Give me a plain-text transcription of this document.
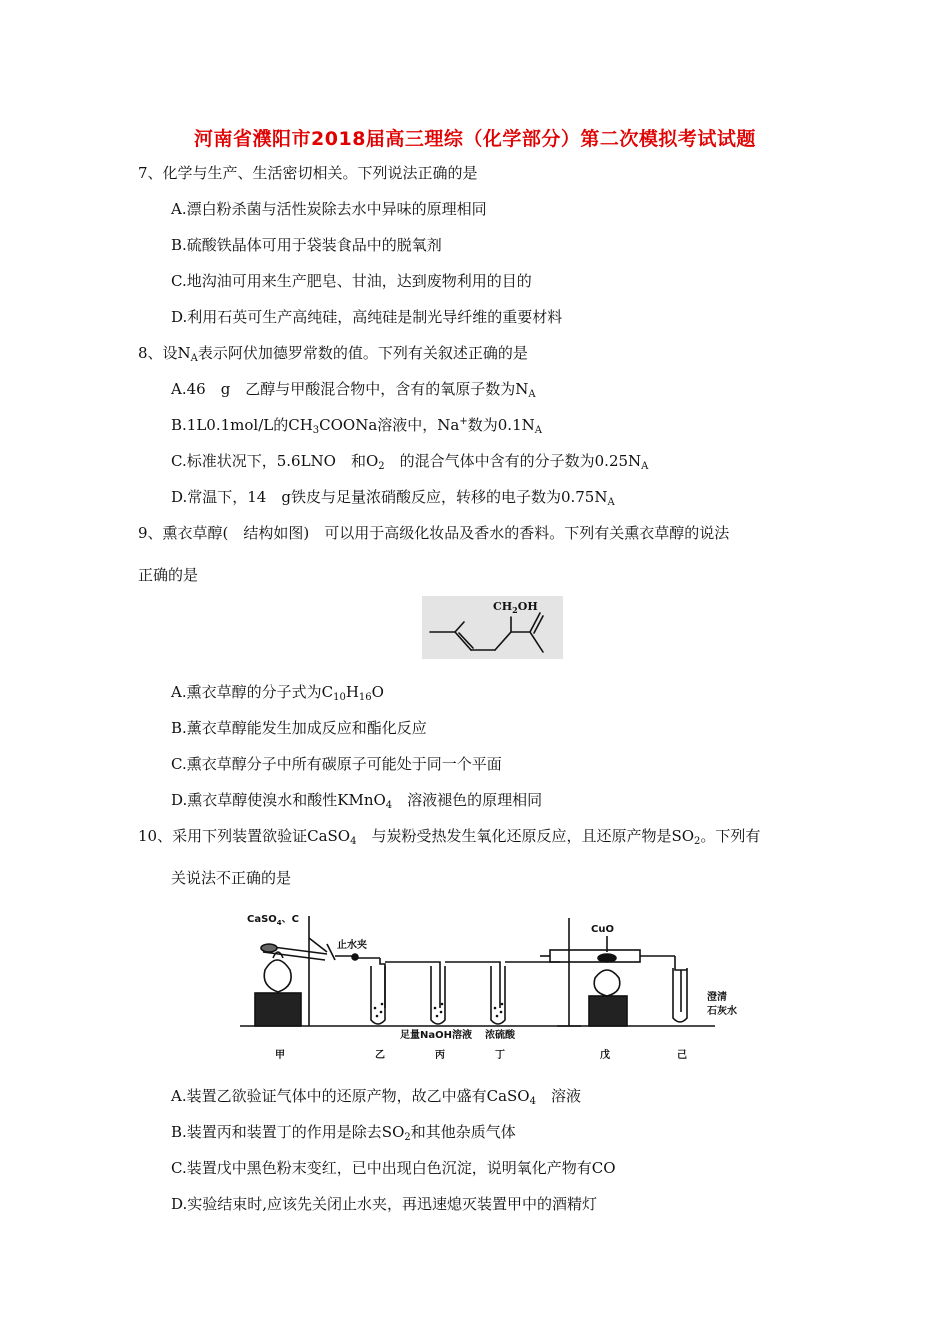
河南省濮阳市2018届高三理综（化学部分）第二次模拟考试试题
7、化学与生产、生活密切相关。下列说法正确的是
A.漂白粉杀菌与活性炭除去水中异味的原理相同
B.硫酸铁晶体可用于袋装食品中的脱氧剂
C.地沟油可用来生产肥皂、甘油，达到废物利用的目的
D.利用石英可生产高纯硅，高纯硅是制光导纤维的重要材料
8、设$N_A$表示阿伏加德罗常数的值。下列有关叙述正确的是
A.46　g　乙醇与甲酸混合物中，含有的氧原子数为$N_A$
B.1L0.1mol/L的$CH_3COONa$溶液中，Na+数为$0.1N_A$
C.标准状况下，5.6LNO　和$O_2$　的混合气体中含有的分子数为$0.25N_A$
D.常温下，14　g铁皮与足量浓硝酸反应，转移的电子数为$0.75N_A$
9、熏衣草醇(　结构如图)　可以用于高级化妆品及香水的香料。下列有关熏衣草醇的说法
正确的是
$CH_2OH$
A.熏衣草醇的分子式为$C_{10}H_{16}O$
B.薰衣草醇能发生加成反应和酯化反应
C.熏衣草醇分子中所有碳原子可能处于同一个平面
D.熏衣草醇使溴水和酸性KMnO$_4$　溶液褪色的原理相同
10、采用下列装置欲验证CaSO$_4$　与炭粉受热发生氧化还原反应，且还原产物是$SO_2$。下列有
关说法不正确的是
CaSO$_4$、C
止水夹
CuO
足量NaOH溶液 浓硫酸
澄清
石灰水
甲	乙	丙	丁	戊	己
A.装置乙欲验证气体中的还原产物，故乙中盛有CaSO$_4$　溶液
B.装置丙和装置丁的作用是除去$SO_2$和其他杂质气体
C.装置戊中黑色粉末变红，已中出现白色沉淀，说明氧化产物有CO
D.实验结束时,应该先关闭止水夹，再迅速熄灭装置甲中的酒精灯
